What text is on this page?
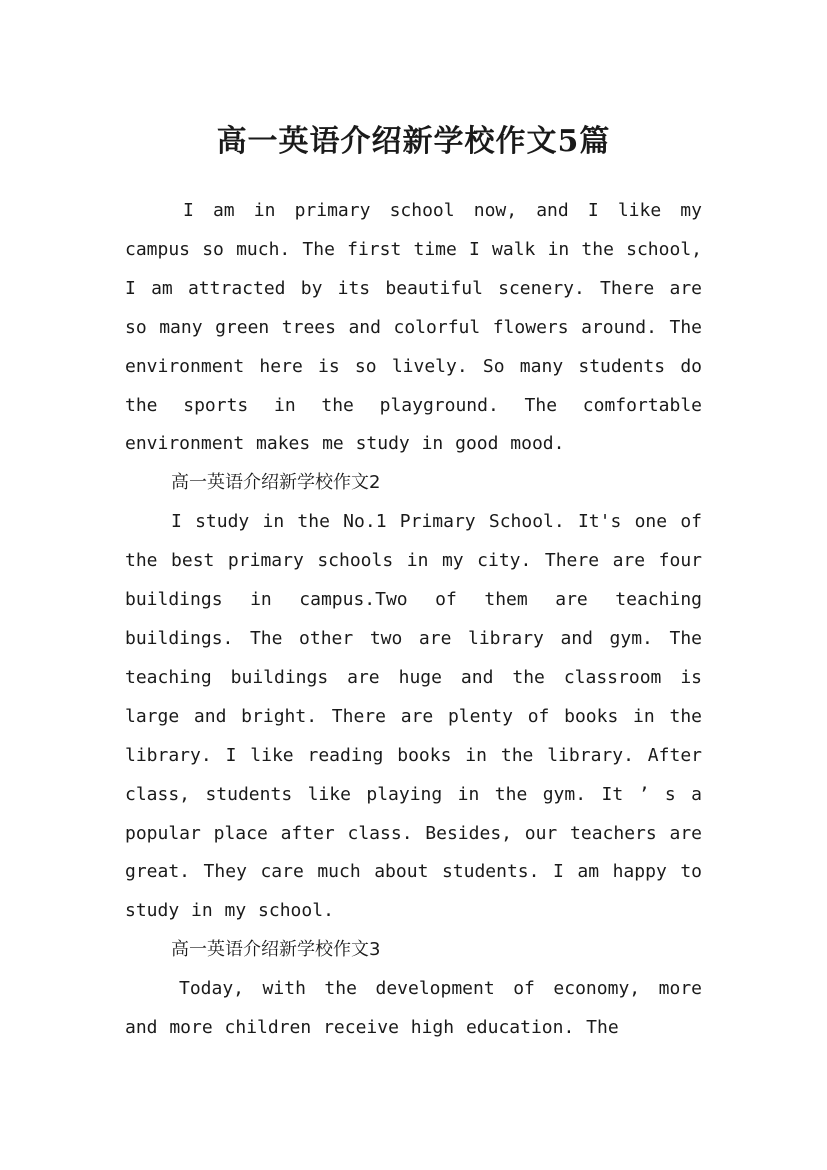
高一英语介绍新学校作文5篇

I am in primary school now, and I like my campus so much. The first time I walk in the school, I am attracted by its beautiful scenery. There are so many green trees and colorful flowers around. The environment here is so lively. So many students do the sports in the playground. The comfortable environment makes me study in good mood.

高一英语介绍新学校作文2

I study in the No.1 Primary School. It's one of the best primary schools in my city. There are four buildings in campus.Two of them are teaching buildings. The other two are library and gym. The teaching buildings are huge and the classroom is large and bright. There are plenty of books in the library. I like reading books in the library. After class, students like playing in the gym. It ’ s a popular place after class. Besides, our teachers are great. They care much about students. I am happy to study in my school.

高一英语介绍新学校作文3

Today, with the development of economy, more and more children receive high education. The
